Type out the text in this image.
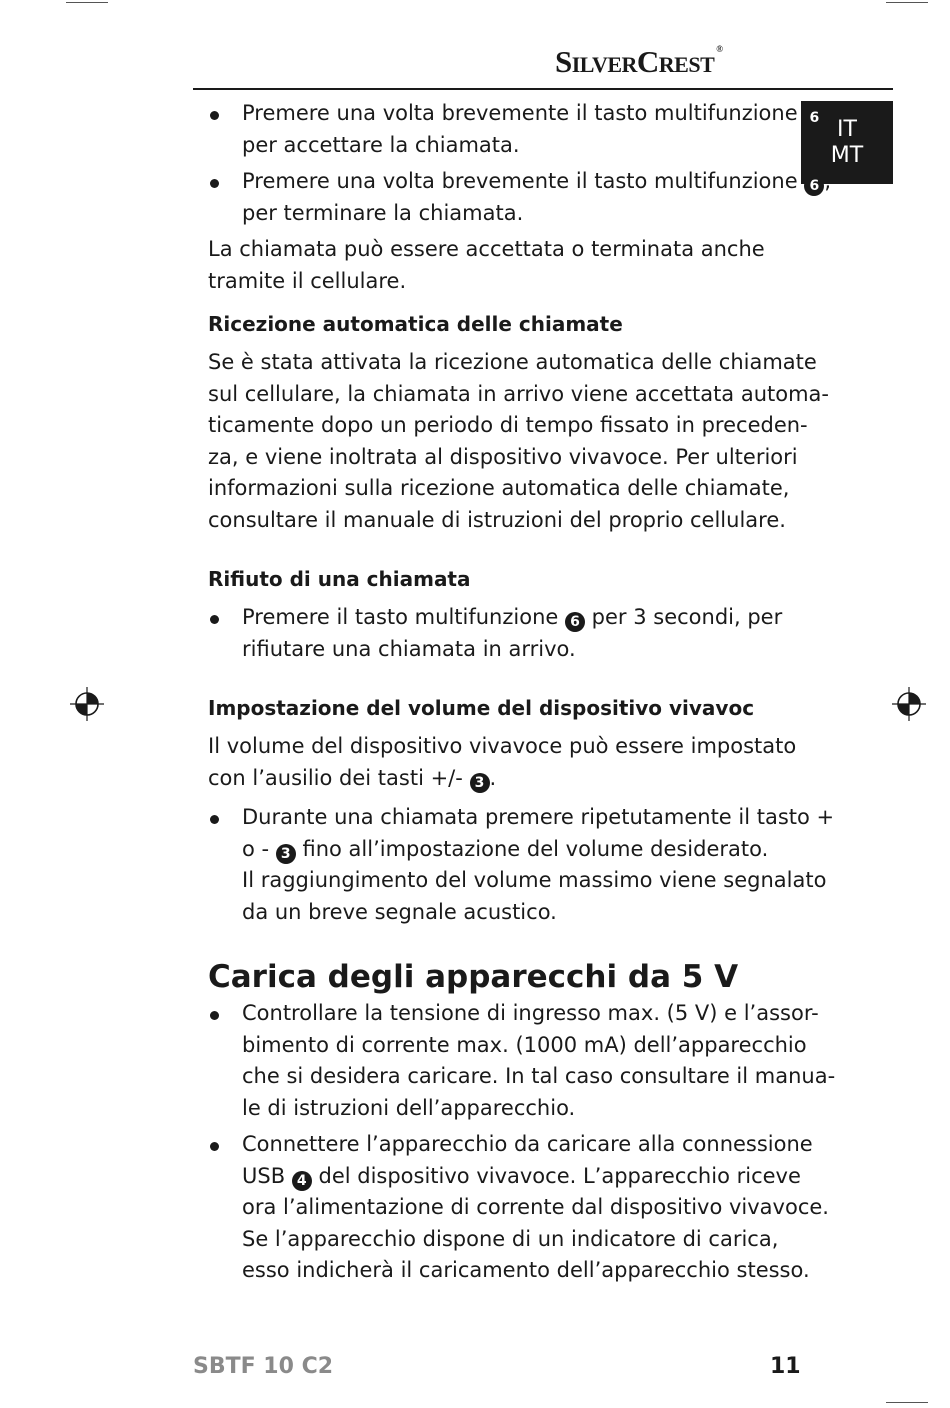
SilverCrest ®
IT
MT
Premere una volta brevemente il tasto multifunzione 6 ,
per accettare la chiamata.
Premere una volta brevemente il tasto multifunzione 6 ,
per terminare la chiamata.
La chiamata può essere accettata o terminata anche
tramite il cellulare.
Ricezione automatica delle chiamate
Se è stata attivata la ricezione automatica delle chiamate
sul cellulare, la chiamata in arrivo viene accettata automa-
ticamente dopo un periodo di tempo fissato in preceden-
za, e viene inoltrata al dispositivo vivavoce. Per ulteriori
informazioni sulla ricezione automatica delle chiamate,
consultare il manuale di istruzioni del proprio cellulare.
Rifiuto di una chiamata
Premere il tasto multifunzione 6 per 3 secondi, per
rifiutare una chiamata in arrivo.
Impostazione del volume del dispositivo vivavoc
Il volume del dispositivo vivavoce può essere impostato
con l’ausilio dei tasti +/- 3 .
Durante una chiamata premere ripetutamente il tasto +
o - 3 fino all’impostazione del volume desiderato.
Il raggiungimento del volume massimo viene segnalato
da un breve segnale acustico.
Carica degli apparecchi da 5 V
Controllare la tensione di ingresso max. (5 V) e l’assor-
bimento di corrente max. (1000 mA) dell’apparecchio
che si desidera caricare. In tal caso consultare il manua-
le di istruzioni dell’apparecchio.
Connettere l’apparecchio da caricare alla connessione
USB 4 del dispositivo vivavoce. L’apparecchio riceve
ora l’alimentazione di corrente dal dispositivo vivavoce.
Se l’apparecchio dispone di un indicatore di carica,
esso indicherà il caricamento dell’apparecchio stesso.
SBTF 10 C2	11
